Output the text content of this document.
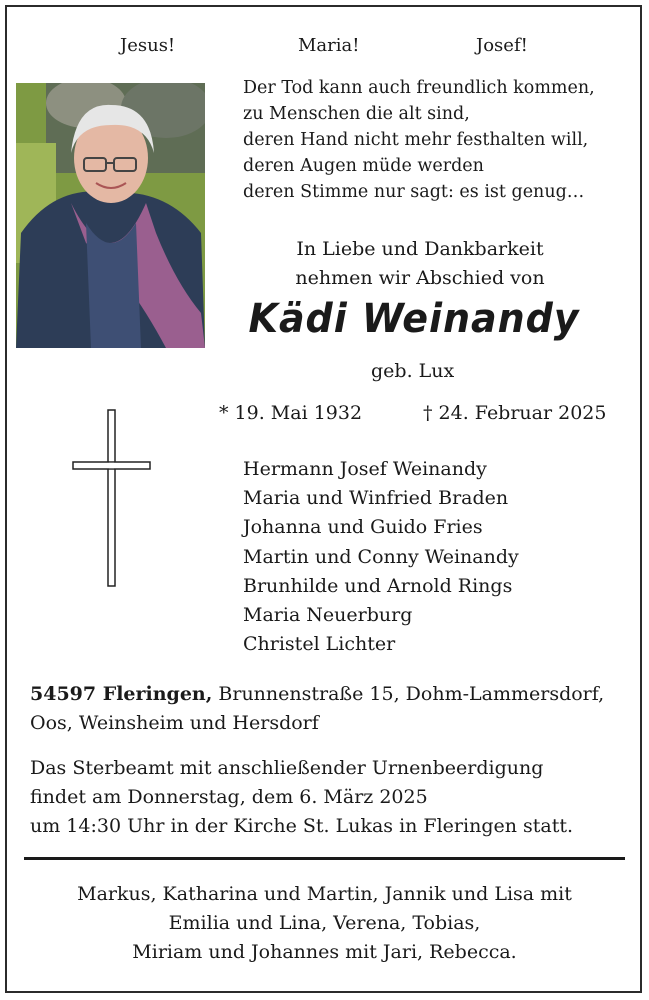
Jesus!	Maria!	Josef!
Der Tod kann auch freundlich kommen,
zu Menschen die alt sind,
deren Hand nicht mehr festhalten will,
deren Augen müde werden
deren Stimme nur sagt: es ist genug…
In Liebe und Dankbarkeit
nehmen wir Abschied von
Kädi Weinandy
geb. Lux
* 19. Mai 1932	† 24. Februar 2025
Hermann Josef Weinandy
Maria und Winfried Braden
Johanna und Guido Fries
Martin und Conny Weinandy
Brunhilde und Arnold Rings
Maria Neuerburg
Christel Lichter
54597 Fleringen, Brunnenstraße 15, Dohm-Lammersdorf,
Oos, Weinsheim und Hersdorf
Das Sterbeamt mit anschließender Urnenbeerdigung
findet am Donnerstag, dem 6. März 2025
um 14:30 Uhr in der Kirche St. Lukas in Fleringen statt.
Markus, Katharina und Martin, Jannik und Lisa mit
Emilia und Lina, Verena, Tobias,
Miriam und Johannes mit Jari, Rebecca.
